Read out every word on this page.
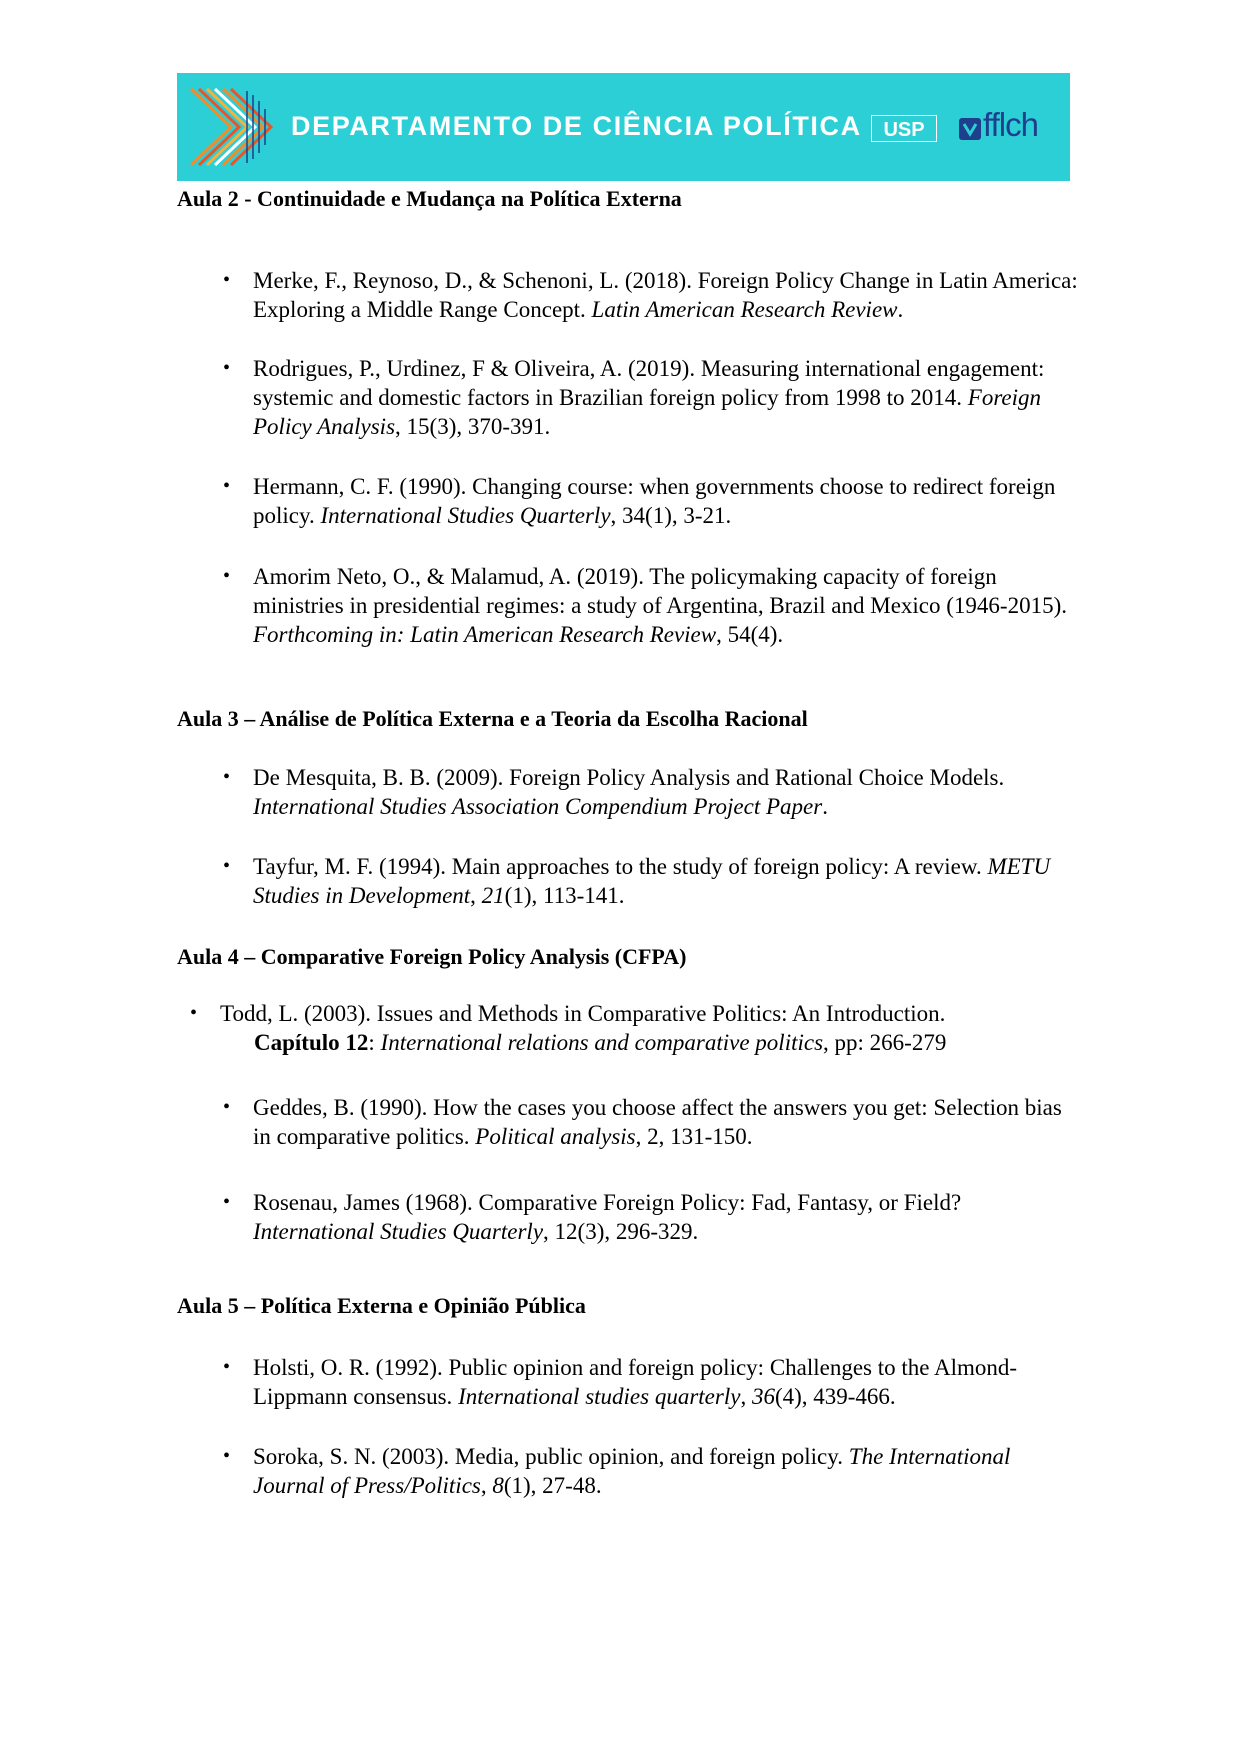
DEPARTAMENTO DE CIÊNCIA POLÍTICA USP fflch
Aula 2 - Continuidade e Mudança na Política Externa
• Merke, F., Reynoso, D., & Schenoni, L. (2018). Foreign Policy Change in Latin America: Exploring a Middle Range Concept. Latin American Research Review.
• Rodrigues, P., Urdinez, F & Oliveira, A. (2019). Measuring international engagement: systemic and domestic factors in Brazilian foreign policy from 1998 to 2014. Foreign Policy Analysis, 15(3), 370-391.
• Hermann, C. F. (1990). Changing course: when governments choose to redirect foreign policy. International Studies Quarterly, 34(1), 3-21.
• Amorim Neto, O., & Malamud, A. (2019). The policymaking capacity of foreign ministries in presidential regimes: a study of Argentina, Brazil and Mexico (1946-2015). Forthcoming in: Latin American Research Review, 54(4).
Aula 3 – Análise de Política Externa e a Teoria da Escolha Racional
• De Mesquita, B. B. (2009). Foreign Policy Analysis and Rational Choice Models. International Studies Association Compendium Project Paper.
• Tayfur, M. F. (1994). Main approaches to the study of foreign policy: A review. METU Studies in Development, 21(1), 113-141.
Aula 4 – Comparative Foreign Policy Analysis (CFPA)
• Todd, L. (2003). Issues and Methods in Comparative Politics: An Introduction.
Capítulo 12: International relations and comparative politics, pp: 266-279
• Geddes, B. (1990). How the cases you choose affect the answers you get: Selection bias in comparative politics. Political analysis, 2, 131-150.
• Rosenau, James (1968). Comparative Foreign Policy: Fad, Fantasy, or Field? International Studies Quarterly, 12(3), 296-329.
Aula 5 – Política Externa e Opinião Pública
• Holsti, O. R. (1992). Public opinion and foreign policy: Challenges to the Almond-Lippmann consensus. International studies quarterly, 36(4), 439-466.
• Soroka, S. N. (2003). Media, public opinion, and foreign policy. The International Journal of Press/Politics, 8(1), 27-48.
